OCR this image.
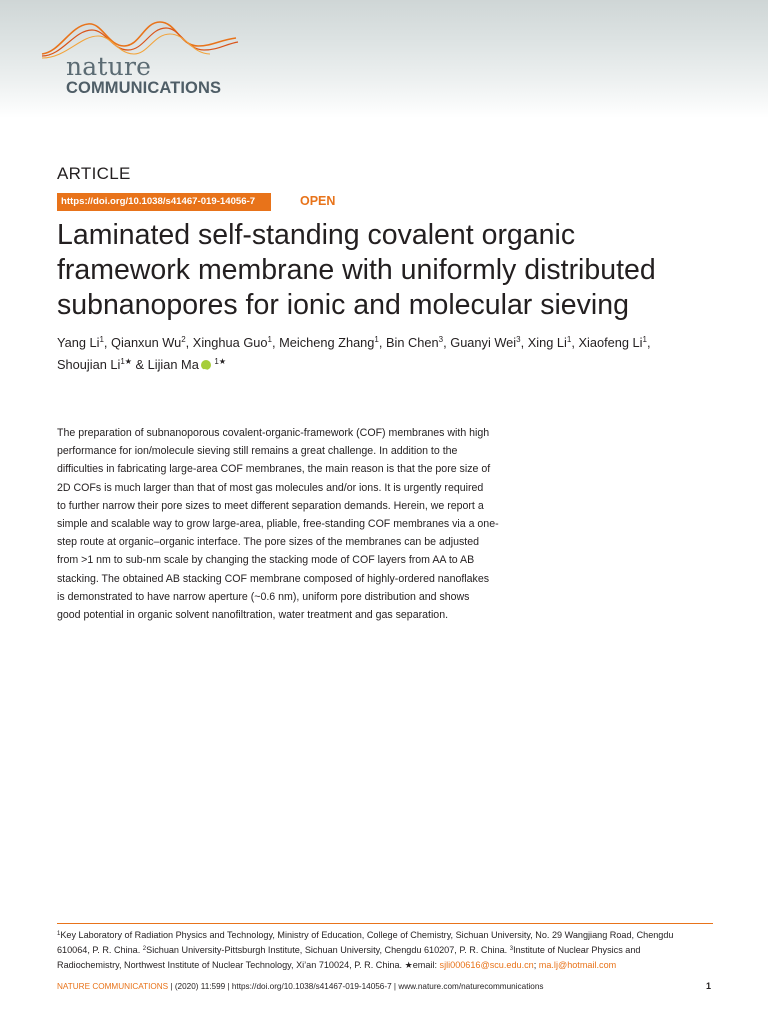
nature
COMMUNICATIONS
ARTICLE
https://doi.org/10.1038/s41467-019-14056-7	OPEN
Laminated self-standing covalent organic
framework membrane with uniformly distributed
subnanopores for ionic and molecular sieving
Yang Li$^1$, Qianxun Wu$^2$, Xinghua Guo$^1$, Meicheng Zhang$^1$, Bin Chen$^3$, Guanyi Wei$^3$, Xing Li$^1$, Xiaofeng Li$^1$,
Shoujian $Li^{1★}$ & Lijian MaiD $^{1★}$
The preparation of subnanoporous covalent-organic-framework (COF) membranes with high
performance for ion/molecule sieving still remains a great challenge. In addition to the
difficulties in fabricating large-area COF membranes, the main reason is that the pore size of
2D COFs is much larger than that of most gas molecules and/or ions. It is urgently required
to further narrow their pore sizes to meet different separation demands. Herein, we report a
simple and scalable way to grow large-area, pliable, free-standing COF membranes via a one-
step route at organic–organic interface. The pore sizes of the membranes can be adjusted
from >1 nm to sub-nm scale by changing the stacking mode of COF layers from AA to AB
stacking. The obtained AB stacking COF membrane composed of highly-ordered nanoflakes
is demonstrated to have narrow aperture (~0.6 nm), uniform pore distribution and shows
good potential in organic solvent nanofiltration, water treatment and gas separation.
$^1$Key Laboratory of Radiation Physics and Technology, Ministry of Education, College of Chemistry, Sichuan University, No. 29 Wangjiang Road, Chengdu
610064, P. R. China. $^2$Sichuan University-Pittsburgh Institute, Sichuan University, Chengdu 610207, P. R. China. $^3$Institute of Nuclear Physics and
Radiochemistry, Northwest Institute of Nuclear Technology, Xi’an 710024, P. R. China. ★email: sjli000616@scu.edu.cn; ma.lj@hotmail.com
NATURE COMMUNICATIONS | (2020) 11:599 | https://doi.org/10.1038/s41467-019-14056-7 | www.nature.com/naturecommunications	1
